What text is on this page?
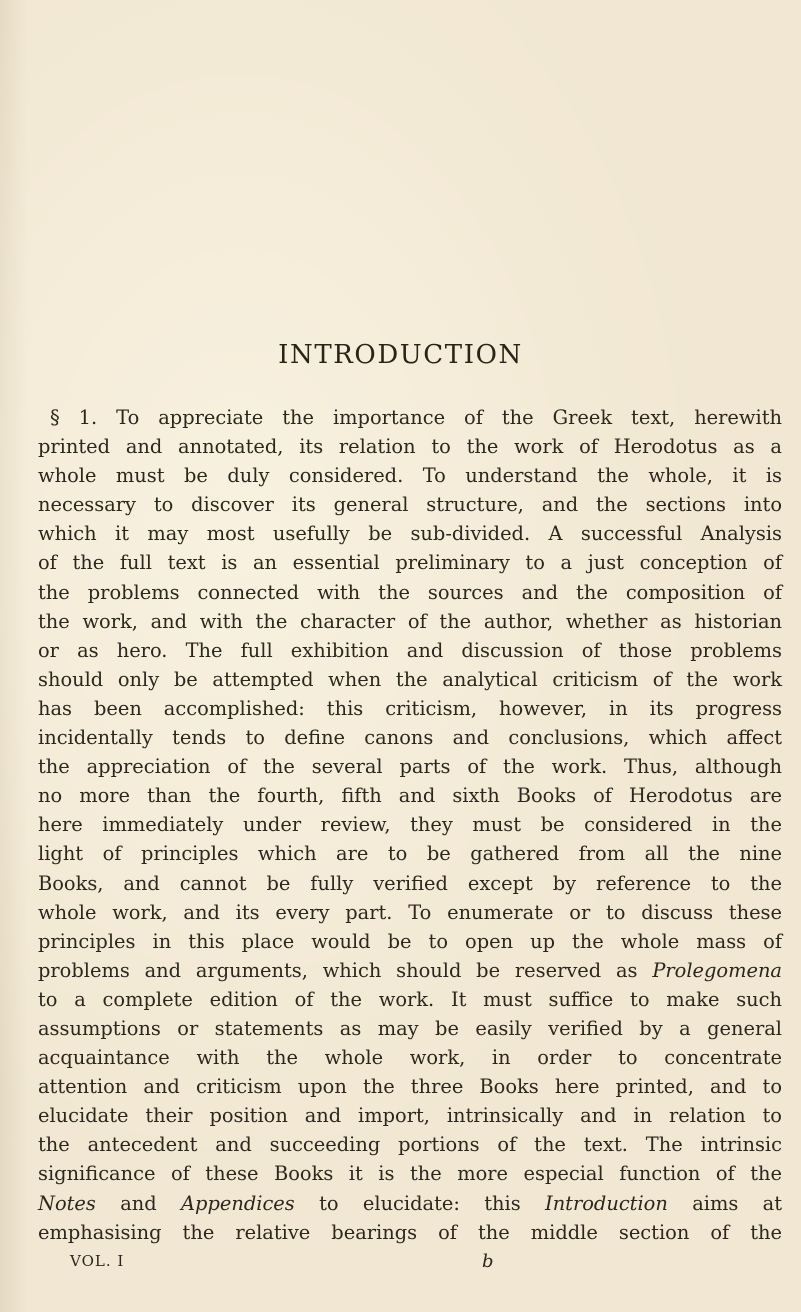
INTRODUCTION
§ 1. To appreciate the importance of the Greek text, herewith
printed and annotated, its relation to the work of Herodotus as a
whole must be duly considered. To understand the whole, it is
necessary to discover its general structure, and the sections into
which it may most usefully be sub-divided. A successful Analysis
of the full text is an essential preliminary to a just conception of
the problems connected with the sources and the composition of
the work, and with the character of the author, whether as historian
or as hero. The full exhibition and discussion of those problems
should only be attempted when the analytical criticism of the work
has been accomplished: this criticism, however, in its progress
incidentally tends to define canons and conclusions, which affect
the appreciation of the several parts of the work. Thus, although
no more than the fourth, fifth and sixth Books of Herodotus are
here immediately under review, they must be considered in the
light of principles which are to be gathered from all the nine
Books, and cannot be fully verified except by reference to the
whole work, and its every part. To enumerate or to discuss these
principles in this place would be to open up the whole mass of
problems and arguments, which should be reserved as Prolegomena
to a complete edition of the work. It must suffice to make such
assumptions or statements as may be easily verified by a general
acquaintance with the whole work, in order to concentrate
attention and criticism upon the three Books here printed, and to
elucidate their position and import, intrinsically and in relation to
the antecedent and succeeding portions of the text. The intrinsic
significance of these Books it is the more especial function of the
Notes and Appendices to elucidate: this Introduction aims at
emphasising the relative bearings of the middle section of the
VOL. I	b
